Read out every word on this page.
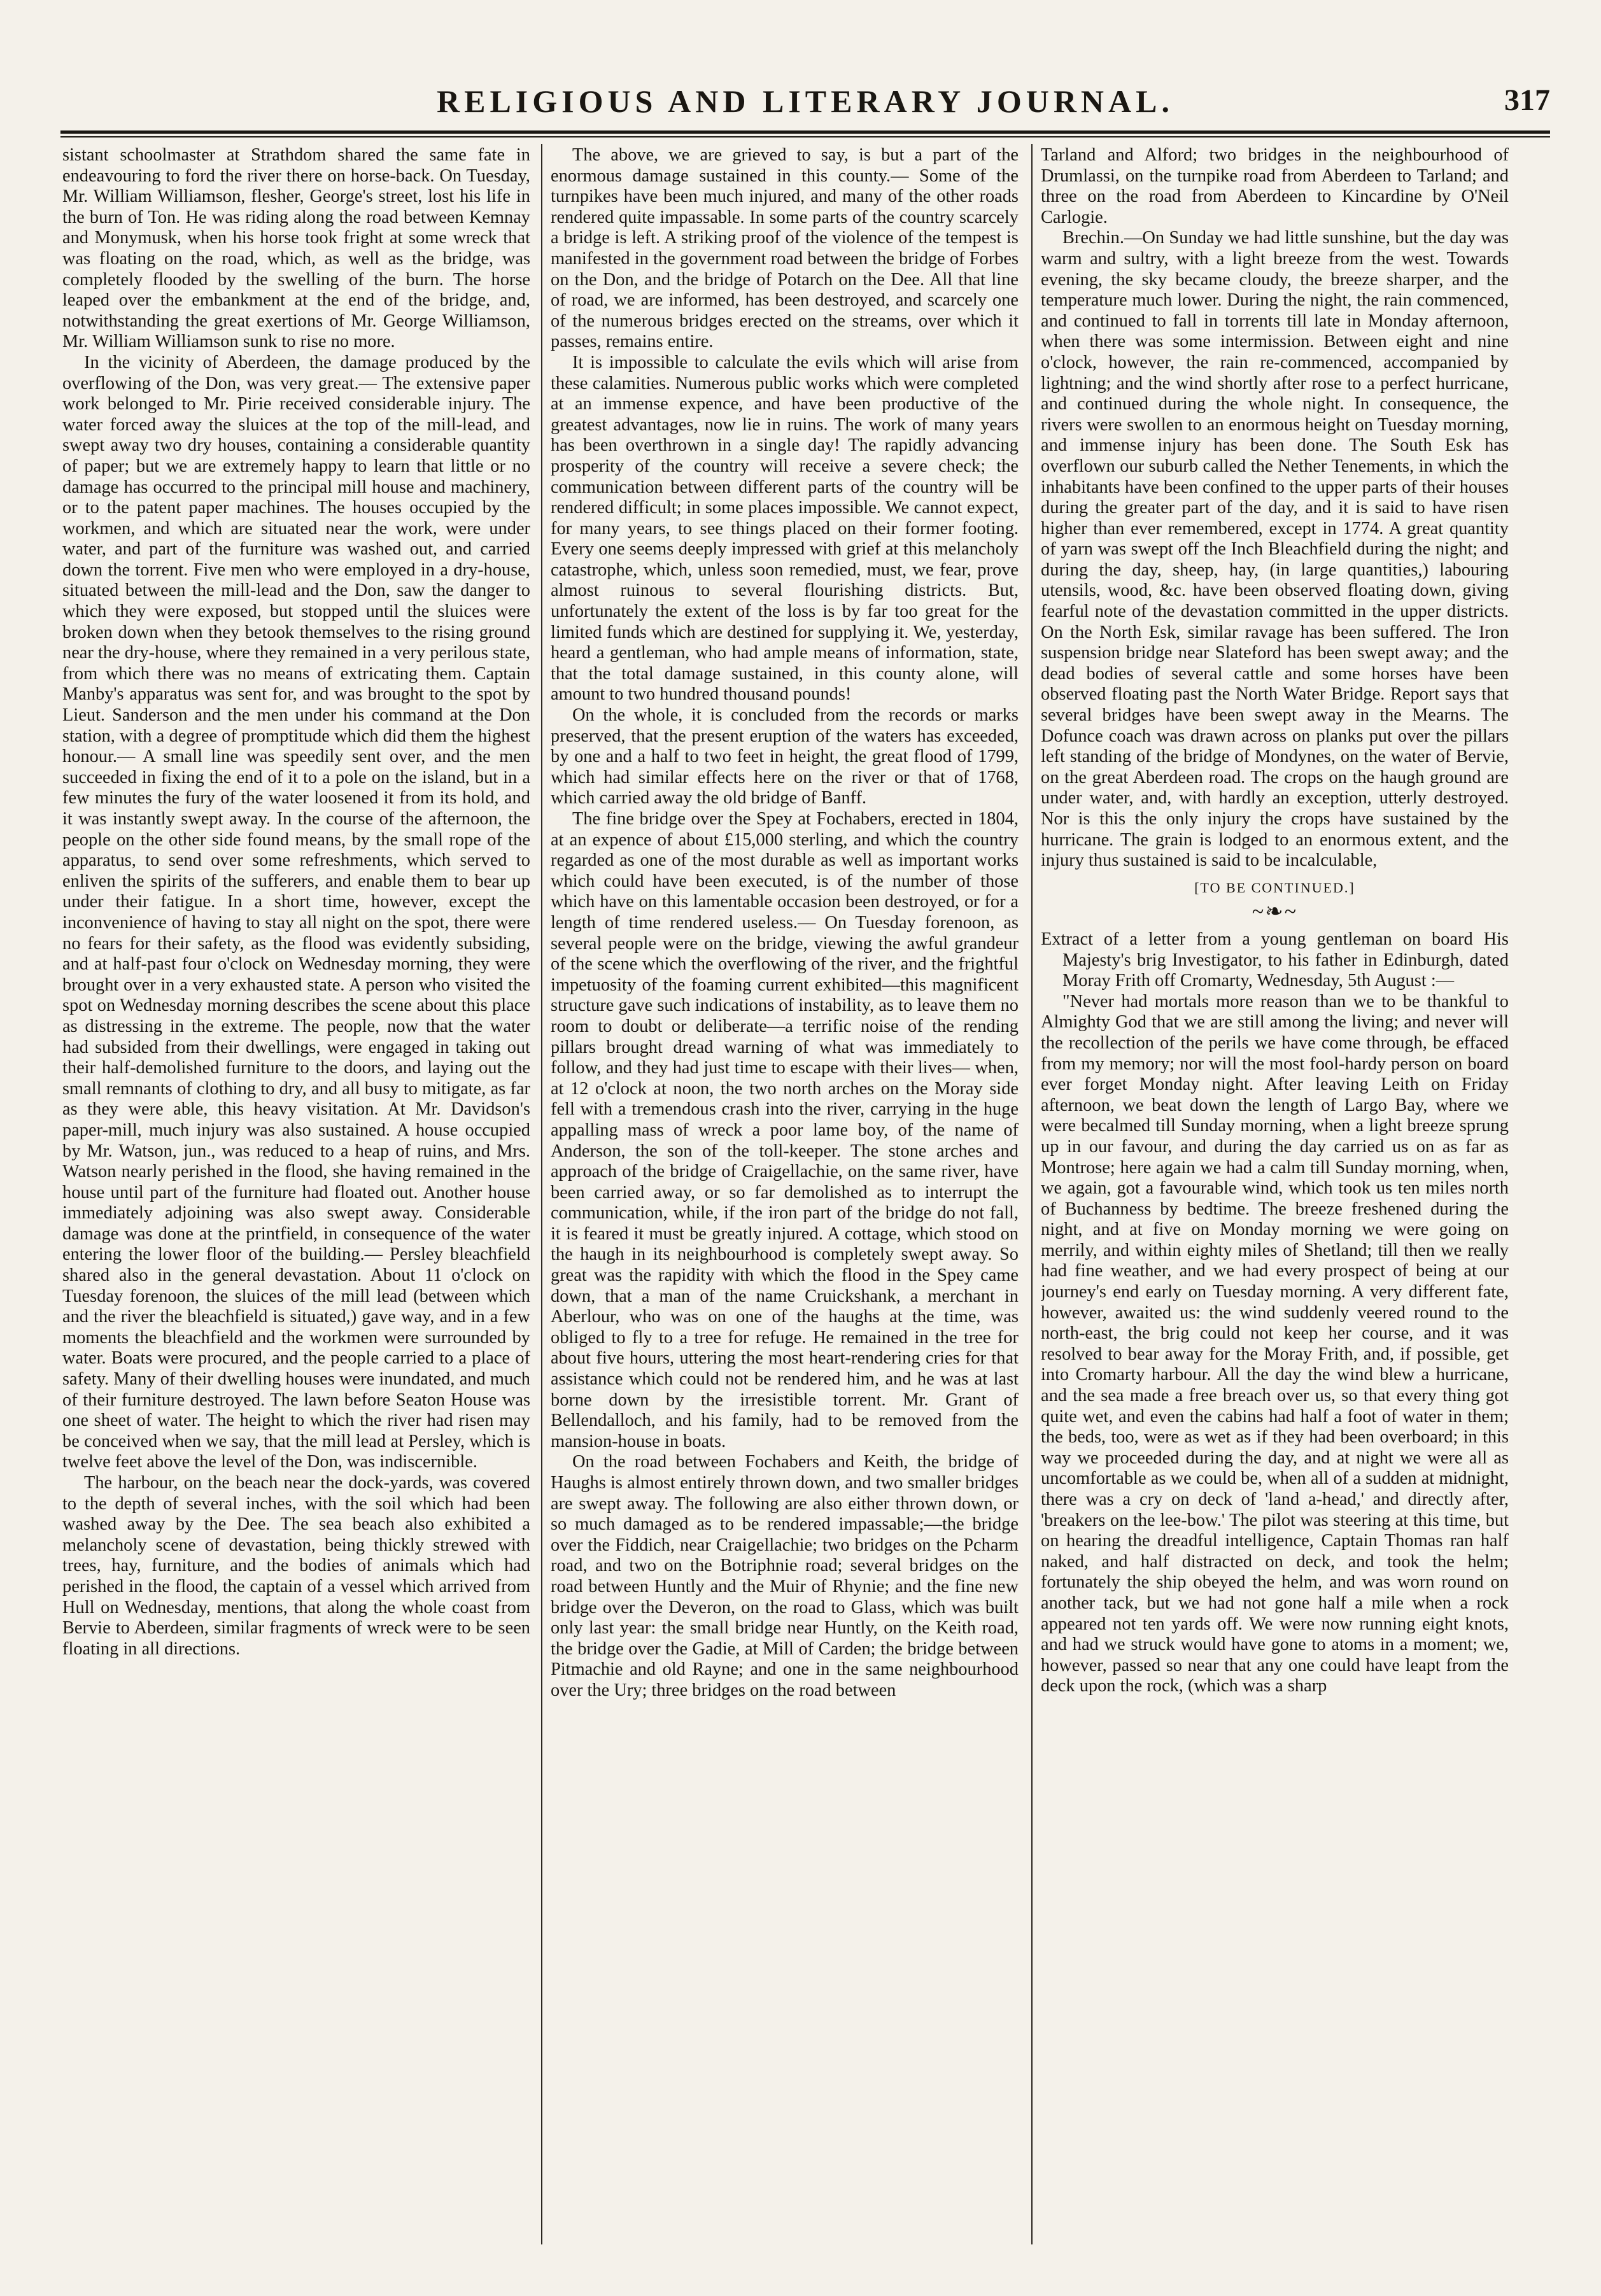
RELIGIOUS AND LITERARY JOURNAL.	317

sistant schoolmaster at Strathdom shared the same fate in endeavouring to ford the river there on horse-back. On Tuesday, Mr. William Williamson, flesher, George's street, lost his life in the burn of Ton. He was riding along the road between Kemnay and Monymusk, when his horse took fright at some wreck that was floating on the road, which, as well as the bridge, was completely flooded by the swelling of the burn. The horse leaped over the embankment at the end of the bridge, and, notwithstanding the great exertions of Mr. George Williamson, Mr. William Williamson sunk to rise no more.

In the vicinity of Aberdeen, the damage produced by the overflowing of the Don, was very great.— The extensive paper work belonged to Mr. Pirie received considerable injury. The water forced away the sluices at the top of the mill-lead, and swept away two dry houses, containing a considerable quantity of paper; but we are extremely happy to learn that little or no damage has occurred to the principal mill house and machinery, or to the patent paper machines. The houses occupied by the workmen, and which are situated near the work, were under water, and part of the furniture was washed out, and carried down the torrent. Five men who were employed in a dry-house, situated between the mill-lead and the Don, saw the danger to which they were exposed, but stopped until the sluices were broken down when they betook themselves to the rising ground near the dry-house, where they remained in a very perilous state, from which there was no means of extricating them. Captain Manby's apparatus was sent for, and was brought to the spot by Lieut. Sanderson and the men under his command at the Don station, with a degree of promptitude which did them the highest honour.— A small line was speedily sent over, and the men succeeded in fixing the end of it to a pole on the island, but in a few minutes the fury of the water loosened it from its hold, and it was instantly swept away. In the course of the afternoon, the people on the other side found means, by the small rope of the apparatus, to send over some refreshments, which served to enliven the spirits of the sufferers, and enable them to bear up under their fatigue. In a short time, however, except the inconvenience of having to stay all night on the spot, there were no fears for their safety, as the flood was evidently subsiding, and at half-past four o'clock on Wednesday morning, they were brought over in a very exhausted state. A person who visited the spot on Wednesday morning describes the scene about this place as distressing in the extreme. The people, now that the water had subsided from their dwellings, were engaged in taking out their half-demolished furniture to the doors, and laying out the small remnants of clothing to dry, and all busy to mitigate, as far as they were able, this heavy visitation. At Mr. Davidson's paper-mill, much injury was also sustained. A house occupied by Mr. Watson, jun., was reduced to a heap of ruins, and Mrs. Watson nearly perished in the flood, she having remained in the house until part of the furniture had floated out. Another house immediately adjoining was also swept away. Considerable damage was done at the printfield, in consequence of the water entering the lower floor of the building.— Persley bleachfield shared also in the general devastation. About 11 o'clock on Tuesday forenoon, the sluices of the mill lead (between which and the river the bleachfield is situated,) gave way, and in a few moments the bleachfield and the workmen were surrounded by water. Boats were procured, and the people carried to a place of safety. Many of their dwelling houses were inundated, and much of their furniture destroyed. The lawn before Seaton House was one sheet of water. The height to which the river had risen may be conceived when we say, that the mill lead at Persley, which is twelve feet above the level of the Don, was indiscernible.

The harbour, on the beach near the dock-yards, was covered to the depth of several inches, with the soil which had been washed away by the Dee. The sea beach also exhibited a melancholy scene of devastation, being thickly strewed with trees, hay, furniture, and the bodies of animals which had perished in the flood, the captain of a vessel which arrived from Hull on Wednesday, mentions, that along the whole coast from Bervie to Aberdeen, similar fragments of wreck were to be seen floating in all directions.

The above, we are grieved to say, is but a part of the enormous damage sustained in this county.— Some of the turnpikes have been much injured, and many of the other roads rendered quite impassable. In some parts of the country scarcely a bridge is left. A striking proof of the violence of the tempest is manifested in the government road between the bridge of Forbes on the Don, and the bridge of Potarch on the Dee. All that line of road, we are informed, has been destroyed, and scarcely one of the numerous bridges erected on the streams, over which it passes, remains entire.

It is impossible to calculate the evils which will arise from these calamities. Numerous public works which were completed at an immense expence, and have been productive of the greatest advantages, now lie in ruins. The work of many years has been overthrown in a single day! The rapidly advancing prosperity of the country will receive a severe check; the communication between different parts of the country will be rendered difficult; in some places impossible. We cannot expect, for many years, to see things placed on their former footing. Every one seems deeply impressed with grief at this melancholy catastrophe, which, unless soon remedied, must, we fear, prove almost ruinous to several flourishing districts. But, unfortunately the extent of the loss is by far too great for the limited funds which are destined for supplying it. We, yesterday, heard a gentleman, who had ample means of information, state, that the total damage sustained, in this county alone, will amount to two hundred thousand pounds!

On the whole, it is concluded from the records or marks preserved, that the present eruption of the waters has exceeded, by one and a half to two feet in height, the great flood of 1799, which had similar effects here on the river or that of 1768, which carried away the old bridge of Banff.

The fine bridge over the Spey at Fochabers, erected in 1804, at an expence of about £15,000 sterling, and which the country regarded as one of the most durable as well as important works which could have been executed, is of the number of those which have on this lamentable occasion been destroyed, or for a length of time rendered useless.— On Tuesday forenoon, as several people were on the bridge, viewing the awful grandeur of the scene which the overflowing of the river, and the frightful impetuosity of the foaming current exhibited—this magnificent structure gave such indications of instability, as to leave them no room to doubt or deliberate—a terrific noise of the rending pillars brought dread warning of what was immediately to follow, and they had just time to escape with their lives— when, at 12 o'clock at noon, the two north arches on the Moray side fell with a tremendous crash into the river, carrying in the huge appalling mass of wreck a poor lame boy, of the name of Anderson, the son of the toll-keeper. The stone arches and approach of the bridge of Craigellachie, on the same river, have been carried away, or so far demolished as to interrupt the communication, while, if the iron part of the bridge do not fall, it is feared it must be greatly injured. A cottage, which stood on the haugh in its neighbourhood is completely swept away. So great was the rapidity with which the flood in the Spey came down, that a man of the name Cruickshank, a merchant in Aberlour, who was on one of the haughs at the time, was obliged to fly to a tree for refuge. He remained in the tree for about five hours, uttering the most heart-rendering cries for that assistance which could not be rendered him, and he was at last borne down by the irresistible torrent. Mr. Grant of Bellendalloch, and his family, had to be removed from the mansion-house in boats.

On the road between Fochabers and Keith, the bridge of Haughs is almost entirely thrown down, and two smaller bridges are swept away. The following are also either thrown down, or so much damaged as to be rendered impassable;—the bridge over the Fiddich, near Craigellachie; two bridges on the Pcharm road, and two on the Botriphnie road; several bridges on the road between Huntly and the Muir of Rhynie; and the fine new bridge over the Deveron, on the road to Glass, which was built only last year: the small bridge near Huntly, on the Keith road, the bridge over the Gadie, at Mill of Carden; the bridge between Pitmachie and old Rayne; and one in the same neighbourhood over the Ury; three bridges on the road between

Tarland and Alford; two bridges in the neighbourhood of Drumlassi, on the turnpike road from Aberdeen to Tarland; and three on the road from Aberdeen to Kincardine by O'Neil Carlogie.

Brechin.—On Sunday we had little sunshine, but the day was warm and sultry, with a light breeze from the west. Towards evening, the sky became cloudy, the breeze sharper, and the temperature much lower. During the night, the rain commenced, and continued to fall in torrents till late in Monday afternoon, when there was some intermission. Between eight and nine o'clock, however, the rain re-commenced, accompanied by lightning; and the wind shortly after rose to a perfect hurricane, and continued during the whole night. In consequence, the rivers were swollen to an enormous height on Tuesday morning, and immense injury has been done. The South Esk has overflown our suburb called the Nether Tenements, in which the inhabitants have been confined to the upper parts of their houses during the greater part of the day, and it is said to have risen higher than ever remembered, except in 1774. A great quantity of yarn was swept off the Inch Bleachfield during the night; and during the day, sheep, hay, (in large quantities,) labouring utensils, wood, &c. have been observed floating down, giving fearful note of the devastation committed in the upper districts. On the North Esk, similar ravage has been suffered. The Iron suspension bridge near Slateford has been swept away; and the dead bodies of several cattle and some horses have been observed floating past the North Water Bridge. Report says that several bridges have been swept away in the Mearns. The Dofunce coach was drawn across on planks put over the pillars left standing of the bridge of Mondynes, on the water of Bervie, on the great Aberdeen road. The crops on the haugh ground are under water, and, with hardly an exception, utterly destroyed. Nor is this the only injury the crops have sustained by the hurricane. The grain is lodged to an enormous extent, and the injury thus sustained is said to be incalculable,

[TO BE CONTINUED.]

~❧~

Extract of a letter from a young gentleman on board His Majesty's brig Investigator, to his father in Edinburgh, dated Moray Frith off Cromarty, Wednesday, 5th August :—

"Never had mortals more reason than we to be thankful to Almighty God that we are still among the living; and never will the recollection of the perils we have come through, be effaced from my memory; nor will the most fool-hardy person on board ever forget Monday night. After leaving Leith on Friday afternoon, we beat down the length of Largo Bay, where we were becalmed till Sunday morning, when a light breeze sprung up in our favour, and during the day carried us on as far as Montrose; here again we had a calm till Sunday morning, when, we again, got a favourable wind, which took us ten miles north of Buchanness by bedtime. The breeze freshened during the night, and at five on Monday morning we were going on merrily, and within eighty miles of Shetland; till then we really had fine weather, and we had every prospect of being at our journey's end early on Tuesday morning. A very different fate, however, awaited us: the wind suddenly veered round to the north-east, the brig could not keep her course, and it was resolved to bear away for the Moray Frith, and, if possible, get into Cromarty harbour. All the day the wind blew a hurricane, and the sea made a free breach over us, so that every thing got quite wet, and even the cabins had half a foot of water in them; the beds, too, were as wet as if they had been overboard; in this way we proceeded during the day, and at night we were all as uncomfortable as we could be, when all of a sudden at midnight, there was a cry on deck of 'land a-head,' and directly after, 'breakers on the lee-bow.' The pilot was steering at this time, but on hearing the dreadful intelligence, Captain Thomas ran half naked, and half distracted on deck, and took the helm; fortunately the ship obeyed the helm, and was worn round on another tack, but we had not gone half a mile when a rock appeared not ten yards off. We were now running eight knots, and had we struck would have gone to atoms in a moment; we, however, passed so near that any one could have leapt from the deck upon the rock, (which was a sharp
